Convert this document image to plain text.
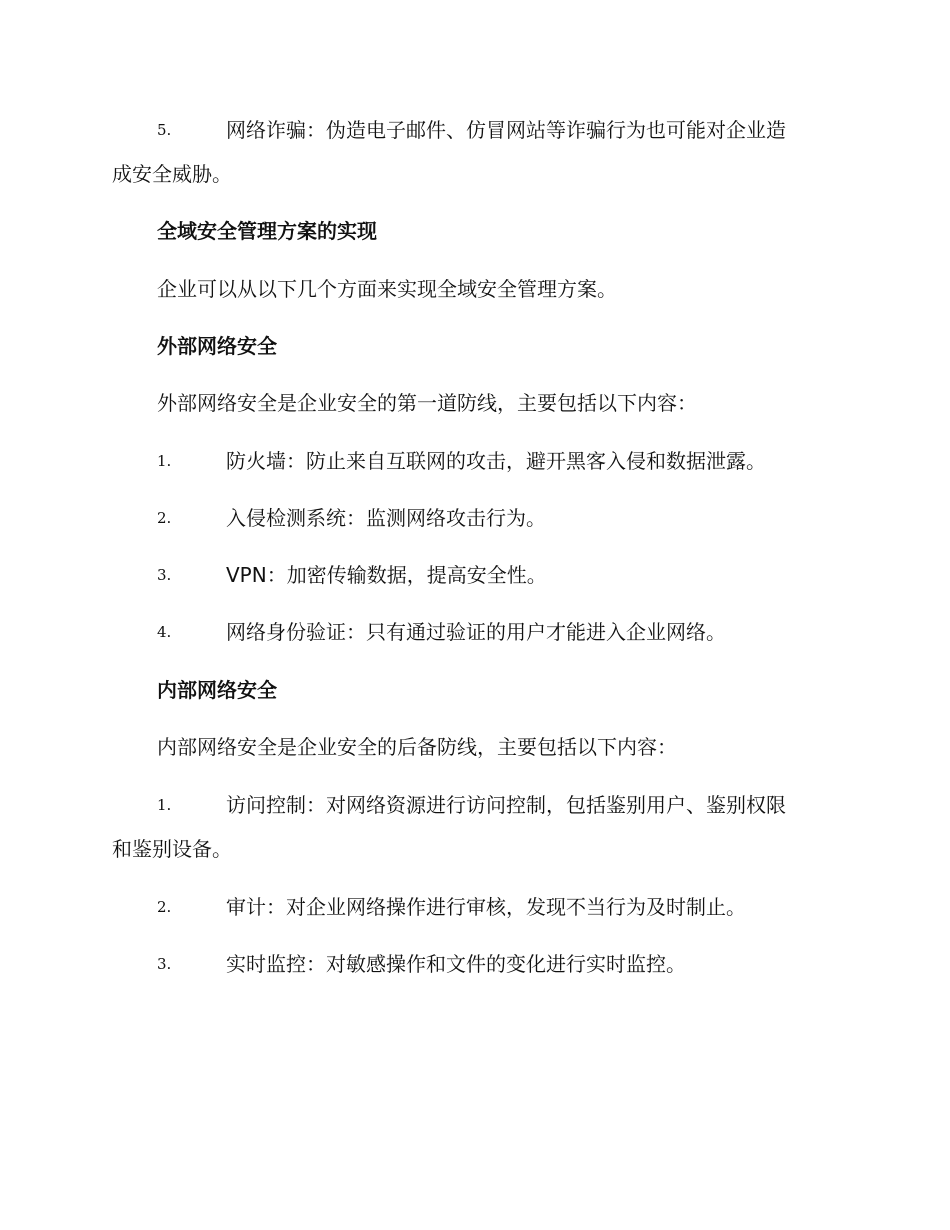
5.	网络诈骗：伪造电子邮件、仿冒网站等诈骗行为也可能对企业造
成安全威胁。
全域安全管理方案的实现
企业可以从以下几个方面来实现全域安全管理方案。
外部网络安全
外部网络安全是企业安全的第一道防线，主要包括以下内容：
1.	防火墙：防止来自互联网的攻击，避开黑客入侵和数据泄露。
2.	入侵检测系统：监测网络攻击行为。
3.	VPN：加密传输数据，提高安全性。
4.	网络身份验证：只有通过验证的用户才能进入企业网络。
内部网络安全
内部网络安全是企业安全的后备防线，主要包括以下内容：
1.	访问控制：对网络资源进行访问控制，包括鉴别用户、鉴别权限
和鉴别设备。
2.	审计：对企业网络操作进行审核，发现不当行为及时制止。
3.	实时监控：对敏感操作和文件的变化进行实时监控。
